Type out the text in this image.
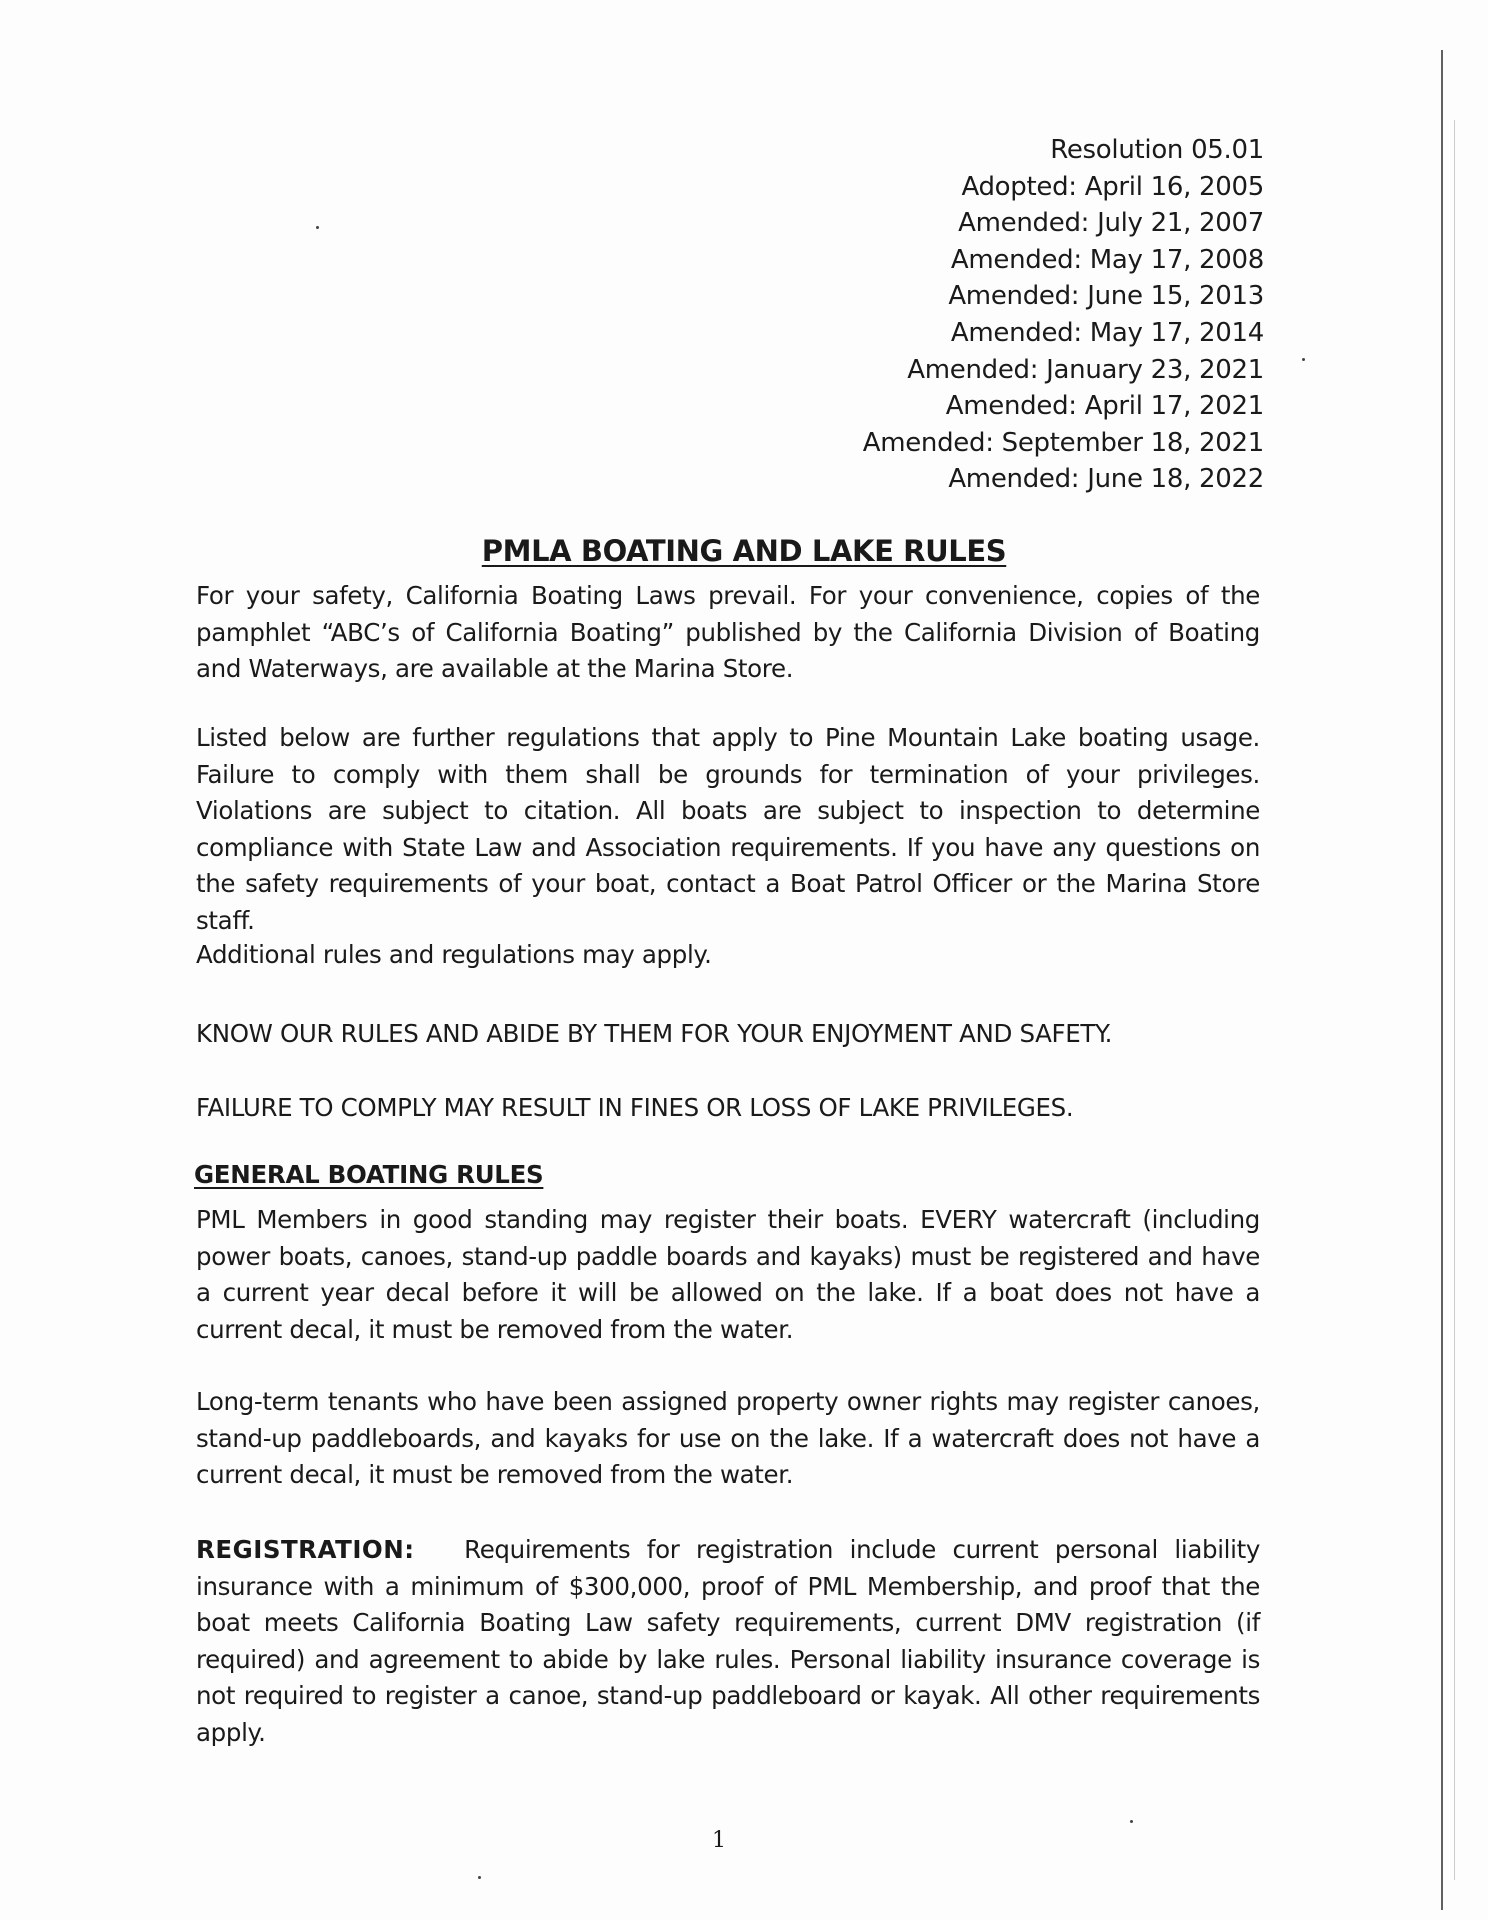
Resolution 05.01
Adopted: April 16, 2005
Amended: July 21, 2007
Amended: May 17, 2008
Amended: June 15, 2013
Amended: May 17, 2014
Amended: January 23, 2021
Amended: April 17, 2021
Amended: September 18, 2021
Amended: June 18, 2022
PMLA BOATING AND LAKE RULES
For your safety, California Boating Laws prevail. For your convenience, copies of the pamphlet “ABC’s of California Boating” published by the California Division of Boating and Waterways, are available at the Marina Store.
Listed below are further regulations that apply to Pine Mountain Lake boating usage. Failure to comply with them shall be grounds for termination of your privileges. Violations are subject to citation. All boats are subject to inspection to determine compliance with State Law and Association requirements. If you have any questions on the safety requirements of your boat, contact a Boat Patrol Officer or the Marina Store staff.
Additional rules and regulations may apply.
KNOW OUR RULES AND ABIDE BY THEM FOR YOUR ENJOYMENT AND SAFETY.
FAILURE TO COMPLY MAY RESULT IN FINES OR LOSS OF LAKE PRIVILEGES.
GENERAL BOATING RULES
PML Members in good standing may register their boats. EVERY watercraft (including power boats, canoes, stand-up paddle boards and kayaks) must be registered and have a current year decal before it will be allowed on the lake. If a boat does not have a current decal, it must be removed from the water.
Long-term tenants who have been assigned property owner rights may register canoes, stand-up paddleboards, and kayaks for use on the lake. If a watercraft does not have a current decal, it must be removed from the water.
REGISTRATION: Requirements for registration include current personal liability insurance with a minimum of $300,000, proof of PML Membership, and proof that the boat meets California Boating Law safety requirements, current DMV registration (if required) and agreement to abide by lake rules. Personal liability insurance coverage is not required to register a canoe, stand-up paddleboard or kayak. All other requirements apply.
1
